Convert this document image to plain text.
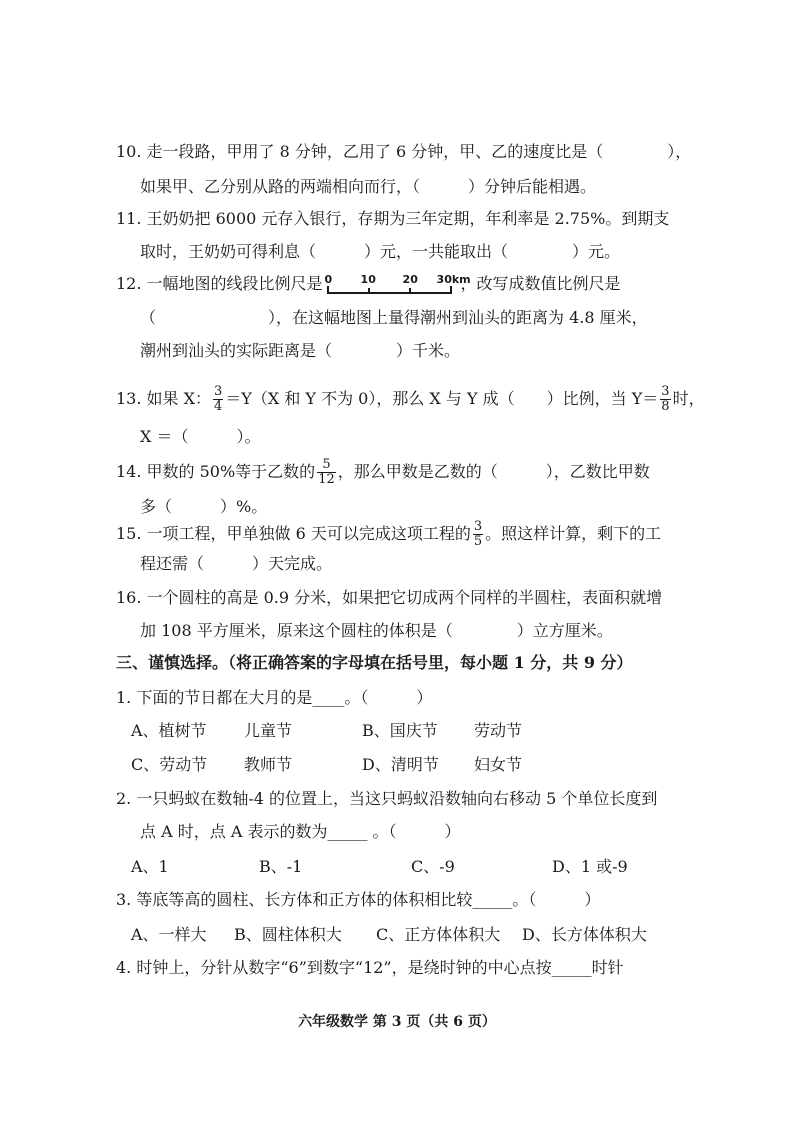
10. 走一段路，甲用了 8 分钟，乙用了 6 分钟，甲、乙的速度比是（　　　　），
如果甲、乙分别从路的两端相向而行，（　　　）分钟后能相遇。
11. 王奶奶把 6000 元存入银行，存期为三年定期，年利率是 2.75%。到期支
取时，王奶奶可得利息（　　　）元，一共能取出（　　　　）元。
12. 一幅地图的线段比例尺是 0	10 20 30km
，改写成数值比例尺是
（　　　　　　　），在这幅地图上量得潮州到汕头的距离为 4.8 厘米，
潮州到汕头的实际距离是（　　　　）千米。
13. 如果 X： $\frac{3}{4} =Y(X$ 和 Y 不为 0），那么 X 与 Y 成（　　）比例，当 $Y= \frac{3}{8}$ 时，
X ＝（　　　）。
14. 甲数的 50%等于乙数的 $\frac{5}{12}$ ，那么甲数是乙数的（　　　），乙数比甲数
多（　　　）%。
15. 一项工程，甲单独做 6 天可以完成这项工程的 $\frac{3}{5}$ 。照这样计算，剩下的工
程还需（　　　）天完成。
16. 一个圆柱的高是 0.9 分米，如果把它切成两个同样的半圆柱，表面积就增
加 108 平方厘米，原来这个圆柱的体积是（　　　　）立方厘米。
三、谨慎选择。（将正确答案的字母填在括号里，每小题 1 分，共 9 分）
1. 下面的节日都在大月的是____。（　　　）
A、植树节 儿童节	B、国庆节 劳动节
C、劳动节 教师节	D、清明节 妇女节
2. 一只蚂蚁在数轴-4 的位置上，当这只蚂蚁沿数轴向右移动 5 个单位长度到
点 A 时，点 A 表示的数为_____ 。（　　　）
A、1	B、-1	C、-9	D、1 或-9
3. 等底等高的圆柱、长方体和正方体的体积相比较_____。（　　　）
A、一样大 B、圆柱体积大 C、正方体体积大 D、长方体体积大
4. 时钟上，分针从数字“6”到数字“12”，是绕时钟的中心点按_____时针
六年级数学 第 3 页（共 6 页）
